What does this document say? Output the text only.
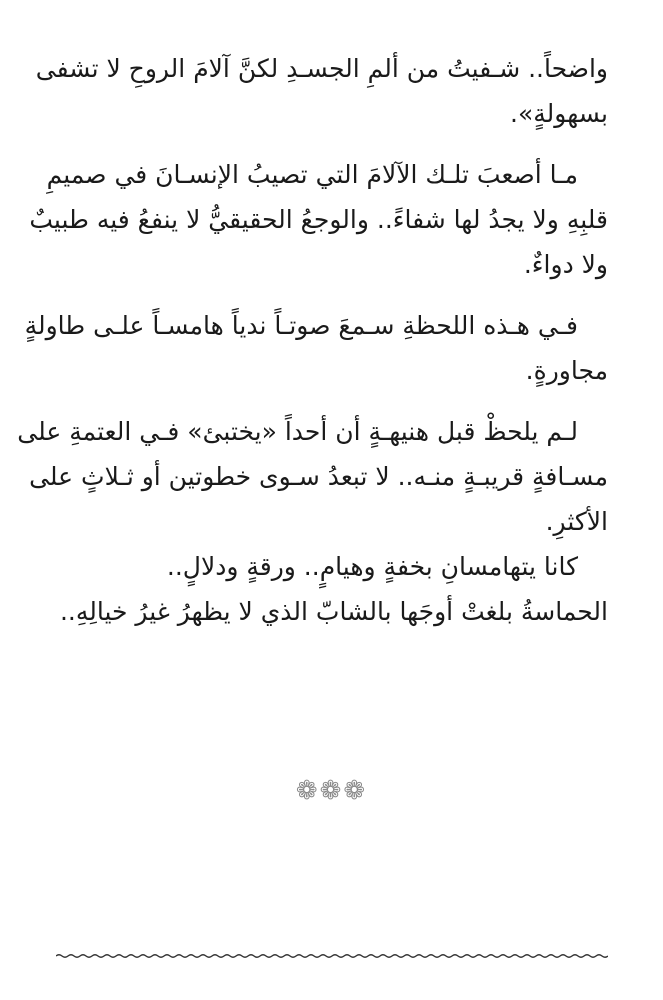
واضحاً.. شـفيتُ من ألمِ الجسـدِ لكنَّ آلامَ الروحِ لا تشفى
بسهولةٍ».
مـا أصعبَ تلـك الآلامَ التي تصيبُ الإنسـانَ في صميمِ
قلبِهِ ولا يجدُ لها شفاءً.. والوجعُ الحقيقيُّ لا ينفعُ فيه طبيبٌ
ولا دواءٌ.
فـي هـذه اللحظةِ سـمعَ صوتـاً ندياً هامسـاً علـى طاولةٍ
مجاورةٍ.
لـم يلحظْ قبل هنيهـةٍ أن أحداً «يختبئ» فـي العتمةِ على
مسـافةٍ قريبـةٍ منـه.. لا تبعدُ سـوى خطوتين أو ثـلاثٍ على
الأكثرِ.
كانا يتهامسانِ بخفةٍ وهيامٍ.. ورقةٍ ودلالٍ..
الحماسةُ بلغتْ أوجَها بالشابّ الذي لا يظهرُ غيرُ خيالِهِ..
❁❁❁
